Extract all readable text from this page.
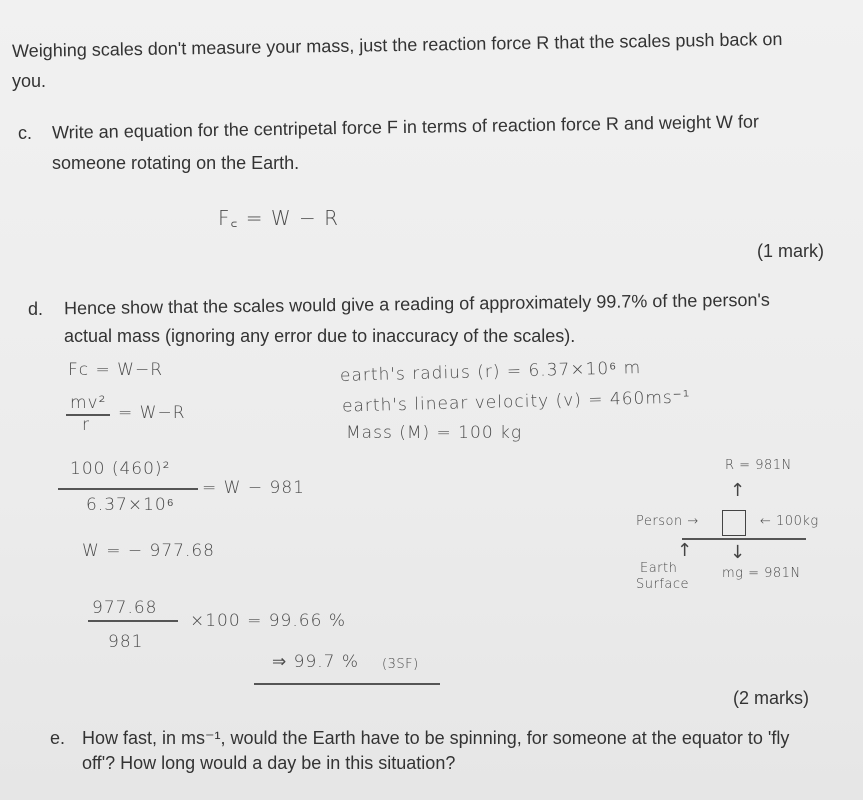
Weighing scales don't measure your mass, just the reaction force R that the scales push back on
you.
c. Write an equation for the centripetal force F in terms of reaction force R and weight W for
someone rotating on the Earth.
F꜀ = W − R
(1 mark)
d. Hence show that the scales would give a reading of approximately 99.7% of the person's
actual mass (ignoring any error due to inaccuracy of the scales).
Fc = W−R
mv²
r
= W−R
100 (460)²
6.37×10⁶
= W − 981
W = − 977.68
977.68
981
×100 = 99.66 %
⇒ 99.7 % (3SF)
earth's radius (r) = 6.37×10⁶ m
earth's linear velocity (v) = 460ms⁻¹
Mass (M) = 100 kg
R = 981N
↑
Person →	← 100kg
↑ ↓
Earth
Surface
mg = 981N
(2 marks)
e. How fast, in ms⁻¹, would the Earth have to be spinning, for someone at the equator to 'fly
off'? How long would a day be in this situation?
